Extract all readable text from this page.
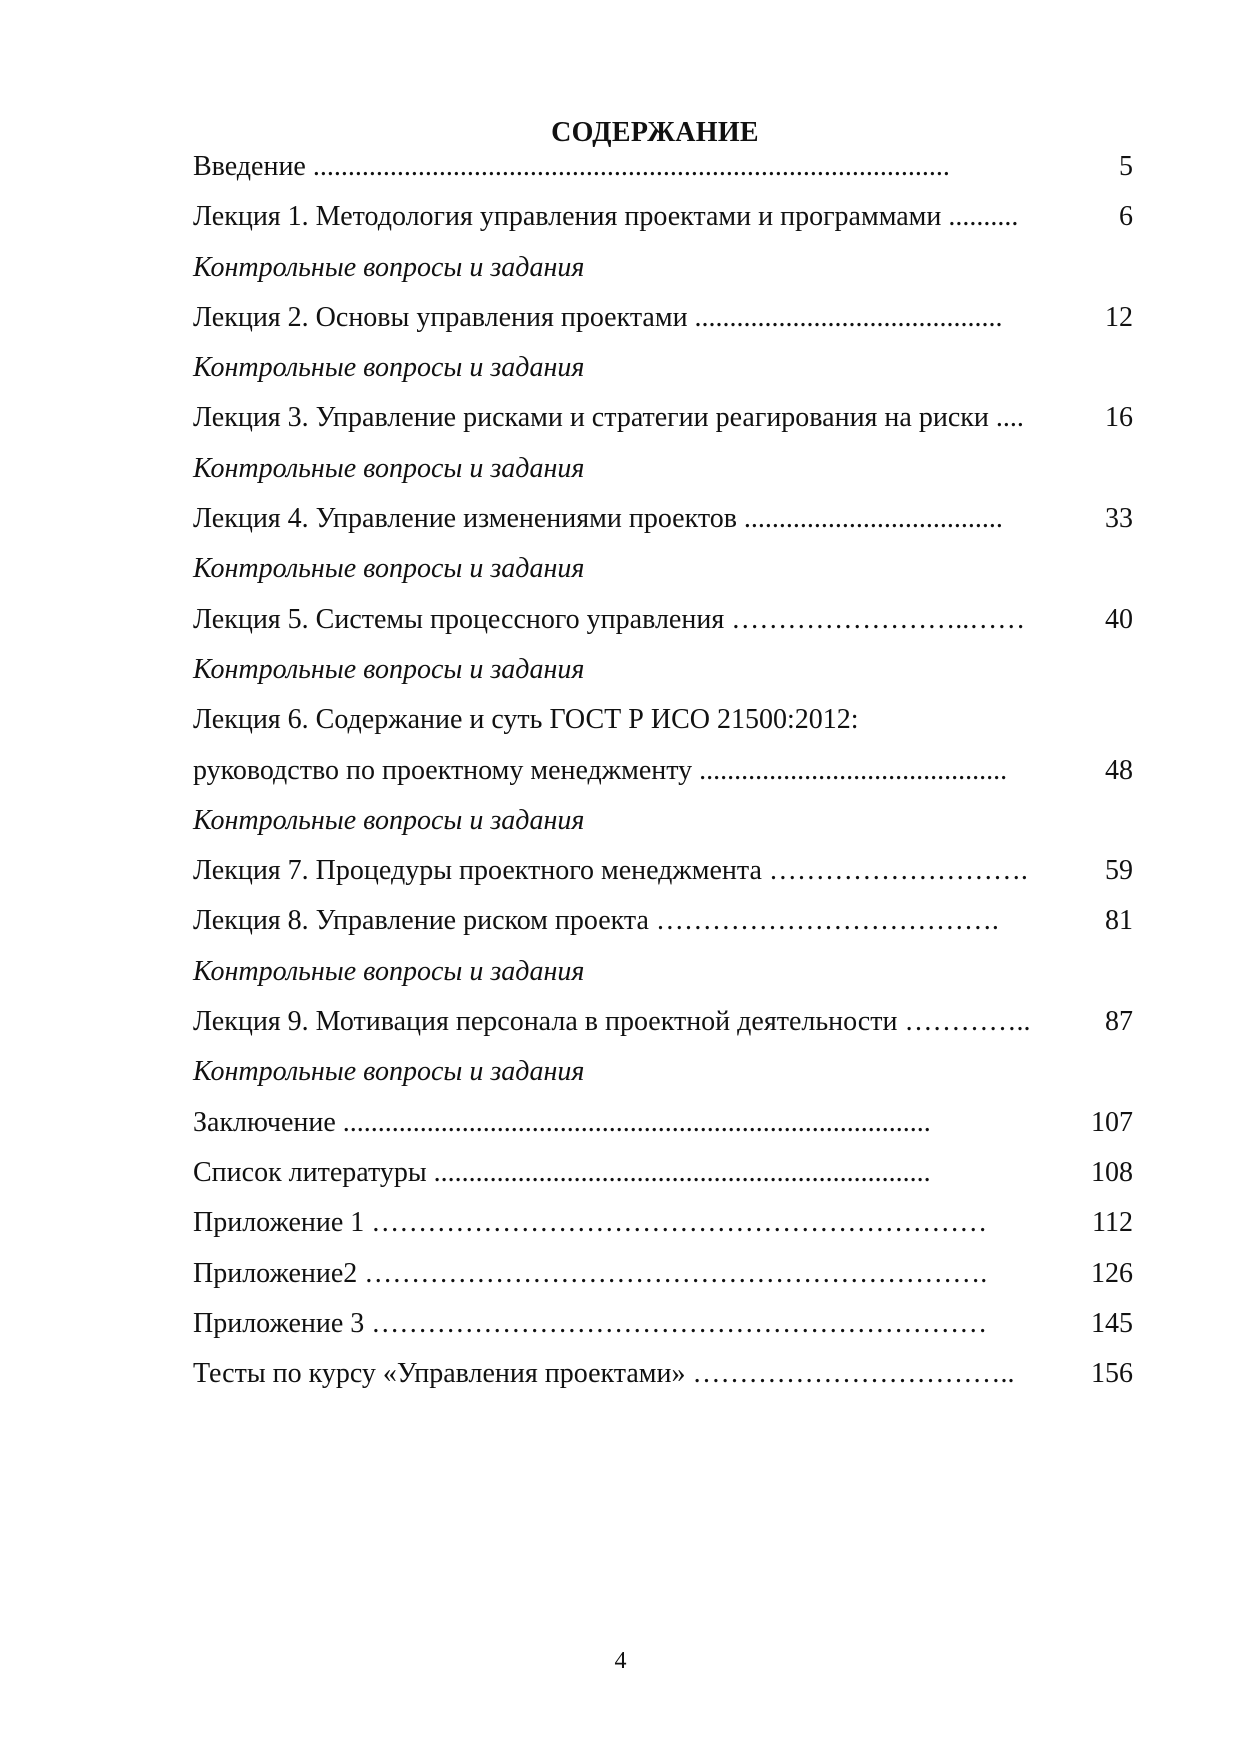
СОДЕРЖАНИЕ
Введение ...........................................................................................	5
Лекция 1. Методология управления проектами и программами ..........	6
Контрольные вопросы и задания
Лекция 2. Основы управления проектами ............................................	12
Контрольные вопросы и задания
Лекция 3. Управление рисками и стратегии реагирования на риски ....	16
Контрольные вопросы и задания
Лекция 4. Управление изменениями проектов .....................................	33
Контрольные вопросы и задания
Лекция 5. Системы процессного управления ……………………..……	40
Контрольные вопросы и задания
Лекция 6. Содержание и суть ГОСТ Р ИСО 21500:2012:
руководство по проектному менеджменту ............................................	48
Контрольные вопросы и задания
Лекция 7. Процедуры проектного менеджмента ……………………….	59
Лекция 8. Управление риском проекта ……………………………….	81
Контрольные вопросы и задания
Лекция 9. Мотивация персонала в проектной деятельности …………..	87
Контрольные вопросы и задания
Заключение ....................................................................................	107
Список литературы .......................................................................	108
Приложение 1 …………………………………………………………	112
Приложение2 ………………………………………………………….	126
Приложение 3 …………………………………………………………	145
Тесты по курсу «Управления проектами» ……………………………..	156
4
